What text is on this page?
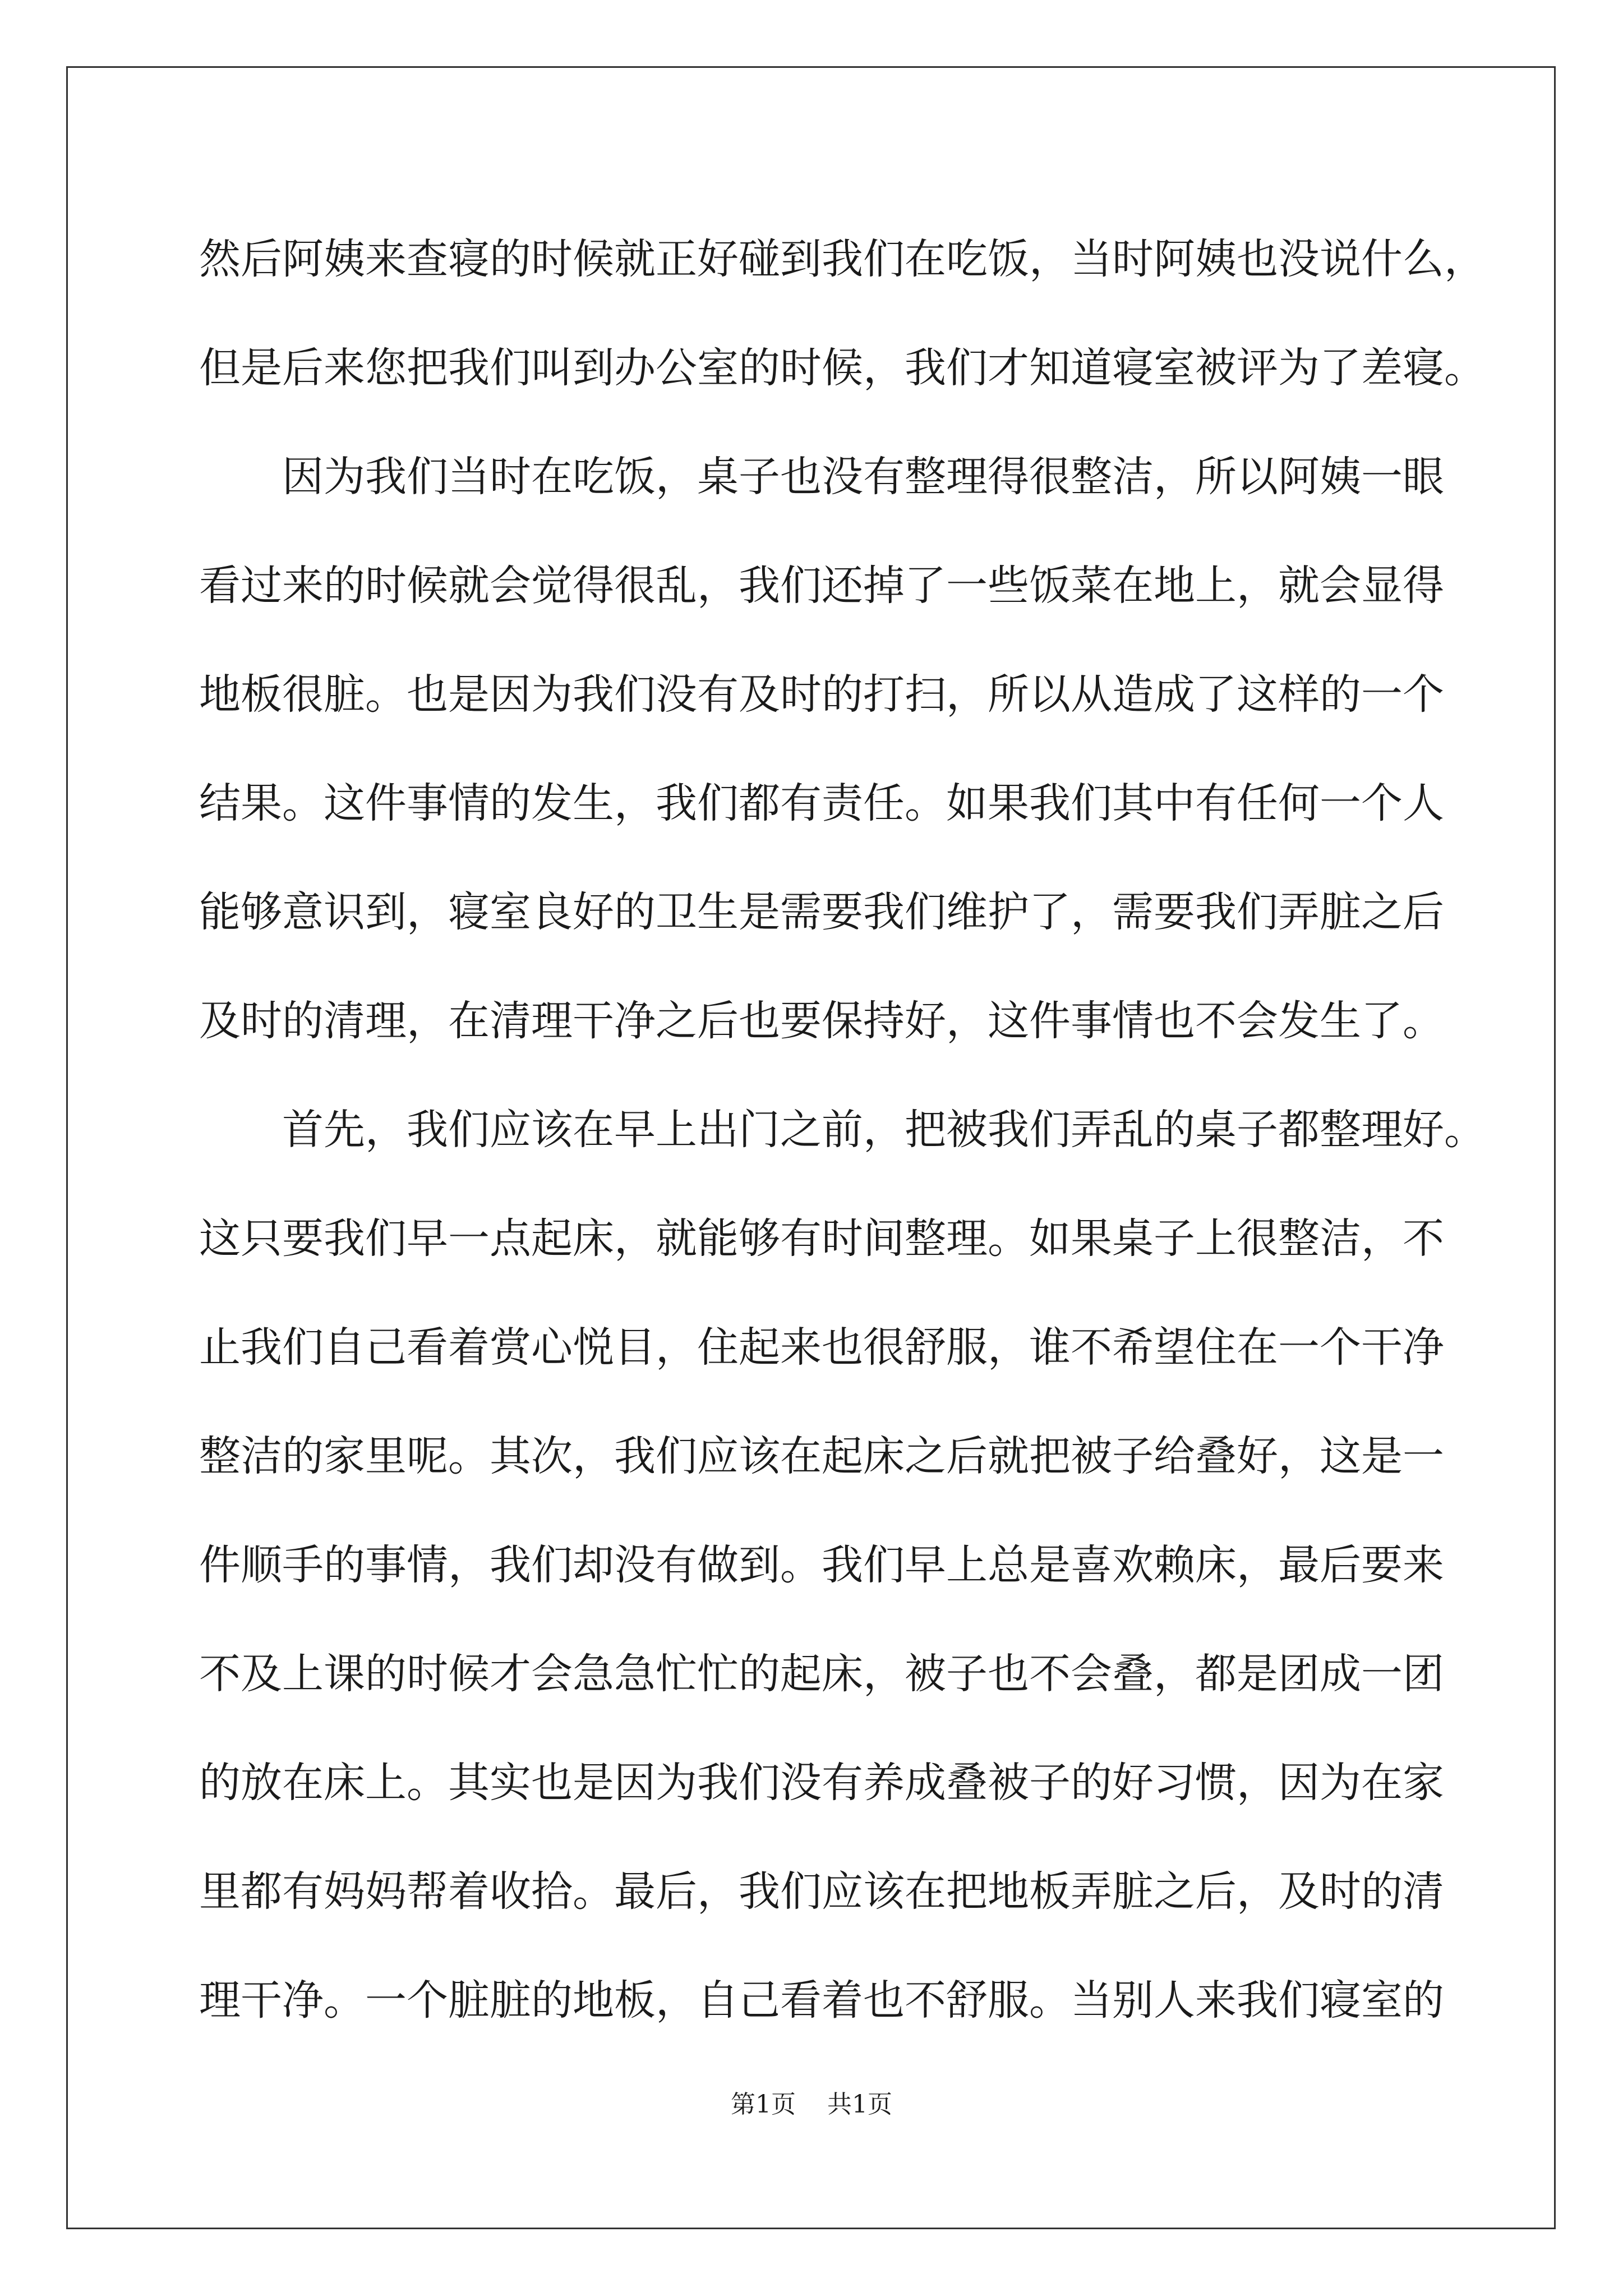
然后阿姨来查寝的时候就正好碰到我们在吃饭，当时阿姨也没说什么，
但是后来您把我们叫到办公室的时候，我们才知道寝室被评为了差寝。
因为我们当时在吃饭，桌子也没有整理得很整洁，所以阿姨一眼
看过来的时候就会觉得很乱，我们还掉了一些饭菜在地上，就会显得
地板很脏。也是因为我们没有及时的打扫，所以从造成了这样的一个
结果。这件事情的发生，我们都有责任。如果我们其中有任何一个人
能够意识到，寝室良好的卫生是需要我们维护了，需要我们弄脏之后
及时的清理，在清理干净之后也要保持好，这件事情也不会发生了。
首先，我们应该在早上出门之前，把被我们弄乱的桌子都整理好。
这只要我们早一点起床，就能够有时间整理。如果桌子上很整洁，不
止我们自己看着赏心悦目，住起来也很舒服，谁不希望住在一个干净
整洁的家里呢。其次，我们应该在起床之后就把被子给叠好，这是一
件顺手的事情，我们却没有做到。我们早上总是喜欢赖床，最后要来
不及上课的时候才会急急忙忙的起床，被子也不会叠，都是团成一团
的放在床上。其实也是因为我们没有养成叠被子的好习惯，因为在家
里都有妈妈帮着收拾。最后，我们应该在把地板弄脏之后，及时的清
理干净。一个脏脏的地板，自己看着也不舒服。当别人来我们寝室的
第1页 共1页
